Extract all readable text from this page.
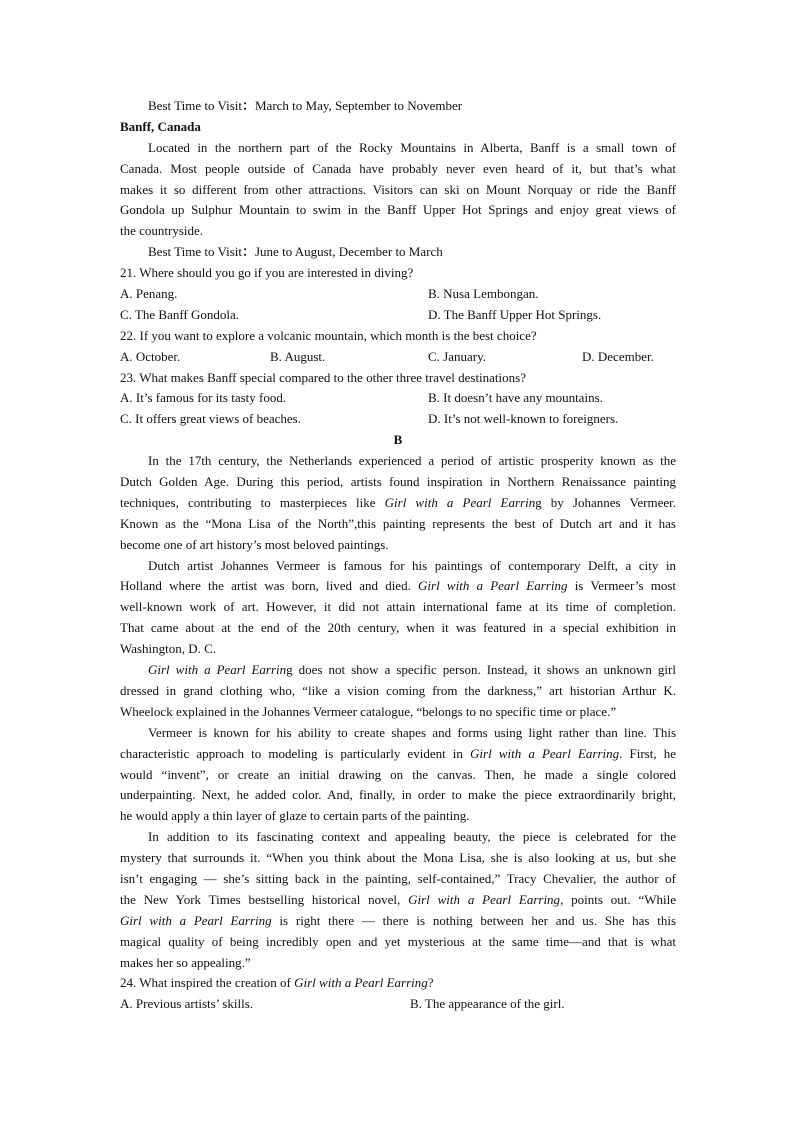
Best Time to Visit：March to May, September to November
Banff, Canada
Located in the northern part of the Rocky Mountains in Alberta, Banff is a small town of
Canada. Most people outside of Canada have probably never even heard of it, but that’s what
makes it so different from other attractions. Visitors can ski on Mount Norquay or ride the Banff
Gondola up Sulphur Mountain to swim in the Banff Upper Hot Springs and enjoy great views of
the countryside.
Best Time to Visit：June to August, December to March
21. Where should you go if you are interested in diving?
A. Penang.	B. Nusa Lembongan.
C. The Banff Gondola.	D. The Banff Upper Hot Springs.
22. If you want to explore a volcanic mountain, which month is the best choice?
A. October.	B. August.	C. January.	D. December.
23. What makes Banff special compared to the other three travel destinations?
A. It’s famous for its tasty food.	B. It doesn’t have any mountains.
C. It offers great views of beaches.	D. It’s not well-known to foreigners.
B
In the 17th century, the Netherlands experienced a period of artistic prosperity known as the
Dutch Golden Age. During this period, artists found inspiration in Northern Renaissance painting
techniques, contributing to masterpieces like Girl with a Pearl Earring by Johannes Vermeer.
Known as the “Mona Lisa of the North”,this painting represents the best of Dutch art and it has
become one of art history’s most beloved paintings.
Dutch artist Johannes Vermeer is famous for his paintings of contemporary Delft, a city in
Holland where the artist was born, lived and died. Girl with a Pearl Earring is Vermeer’s most
well-known work of art. However, it did not attain international fame at its time of completion.
That came about at the end of the 20th century, when it was featured in a special exhibition in
Washington, D. C.
Girl with a Pearl Earring does not show a specific person. Instead, it shows an unknown girl
dressed in grand clothing who, “like a vision coming from the darkness,” art historian Arthur K.
Wheelock explained in the Johannes Vermeer catalogue, “belongs to no specific time or place.”
Vermeer is known for his ability to create shapes and forms using light rather than line. This
characteristic approach to modeling is particularly evident in Girl with a Pearl Earring. First, he
would “invent”, or create an initial drawing on the canvas. Then, he made a single colored
underpainting. Next, he added color. And, finally, in order to make the piece extraordinarily bright,
he would apply a thin layer of glaze to certain parts of the painting.
In addition to its fascinating context and appealing beauty, the piece is celebrated for the
mystery that surrounds it. “When you think about the Mona Lisa, she is also looking at us, but she
isn’t engaging — she’s sitting back in the painting, self-contained,” Tracy Chevalier, the author of
the New York Times bestselling historical novel, Girl with a Pearl Earring, points out. “While
Girl with a Pearl Earring is right there — there is nothing between her and us. She has this
magical quality of being incredibly open and yet mysterious at the same time—and that is what
makes her so appealing.”
24. What inspired the creation of Girl with a Pearl Earring?
A. Previous artists’ skills.	B. The appearance of the girl.
